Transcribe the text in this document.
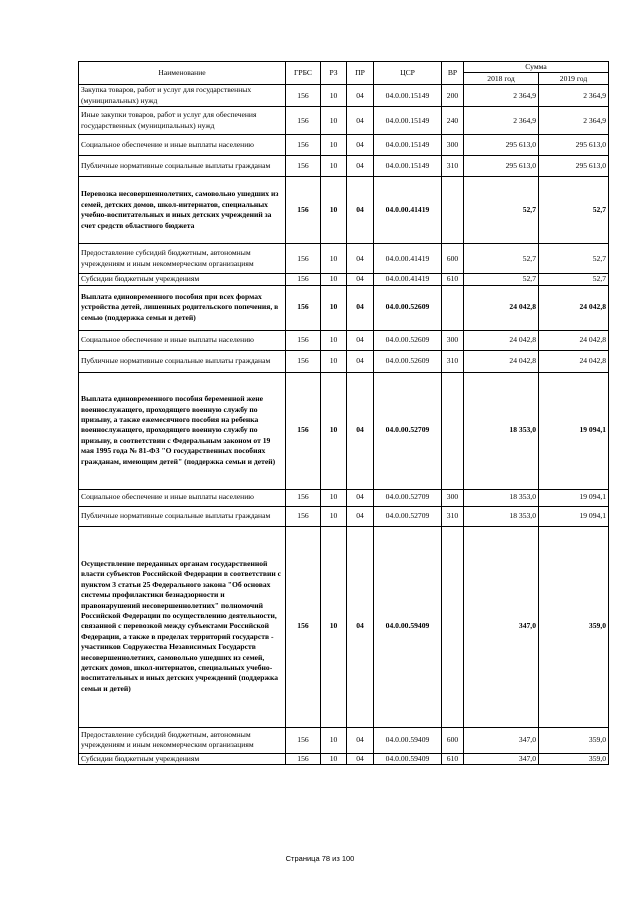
Наименование	ГРБС	РЗ	ПР	ЦСР	ВР	Сумма	
						2018 год	2019 год
Закупка товаров, работ и услуг для государственных (муниципальных) нужд	156	10	04	04.0.00.15149	200	2 364,9	2 364,9
Иные закупки товаров, работ и услуг для обеспечения государственных (муниципальных) нужд	156	10	04	04.0.00.15149	240	2 364,9	2 364,9
Социальное обеспечение и иные выплаты населению	156	10	04	04.0.00.15149	300	295 613,0	295 613,0
Публичные нормативные социальные выплаты гражданам	156	10	04	04.0.00.15149	310	295 613,0	295 613,0
Перевозка несовершеннолетних, самовольно ушедших из семей, детских домов, школ-интернатов, специальных учебно-воспитательных и иных детских учреждений за счет средств областного бюджета	156	10	04	04.0.00.41419		52,7	52,7
Предоставление субсидий бюджетным, автономным учреждениям и иным некоммерческим организациям	156	10	04	04.0.00.41419	600	52,7	52,7
Субсидии бюджетным учреждениям	156	10	04	04.0.00.41419	610	52,7	52,7
Выплата единовременного пособия при всех формах устройства детей, лишенных родительского попечения, в семью (поддержка семьи и детей)	156	10	04	04.0.00.52609		24 042,8	24 042,8
Социальное обеспечение и иные выплаты населению	156	10	04	04.0.00.52609	300	24 042,8	24 042,8
Публичные нормативные социальные выплаты гражданам	156	10	04	04.0.00.52609	310	24 042,8	24 042,8
Выплата единовременного пособия беременной жене военнослужащего, проходящего военную службу по призыву, а также ежемесячного пособия на ребенка военнослужащего, проходящего военную службу по призыву, в соответствии с Федеральным законом от 19 мая 1995 года № 81-ФЗ "О государственных пособиях гражданам, имеющим детей" (поддержка семьи и детей)	156	10	04	04.0.00.52709		18 353,0	19 094,1
Социальное обеспечение и иные выплаты населению	156	10	04	04.0.00.52709	300	18 353,0	19 094,1
Публичные нормативные социальные выплаты гражданам	156	10	04	04.0.00.52709	310	18 353,0	19 094,1
Осуществление переданных органам государственной власти субъектов Российской Федерации в соответствии с пунктом 3 статьи 25 Федерального закона "Об основах системы профилактики безнадзорности и правонарушений несовершеннолетних" полномочий Российской Федерации по осуществлению деятельности, связанной с перевозкой между субъектами Российской Федерации, а также в пределах территорий государств - участников Содружества Независимых Государств несовершеннолетних, самовольно ушедших из семей, детских домов, школ-интернатов, специальных учебно-воспитательных и иных детских учреждений (поддержка семьи и детей)	156	10	04	04.0.00.59409		347,0	359,0
Предоставление субсидий бюджетным, автономным учреждениям и иным некоммерческим организациям	156	10	04	04.0.00.59409	600	347,0	359,0
Субсидии бюджетным учреждениям	156	10	04	04.0.00.59409	610	347,0	359,0
Страница 78 из 100
